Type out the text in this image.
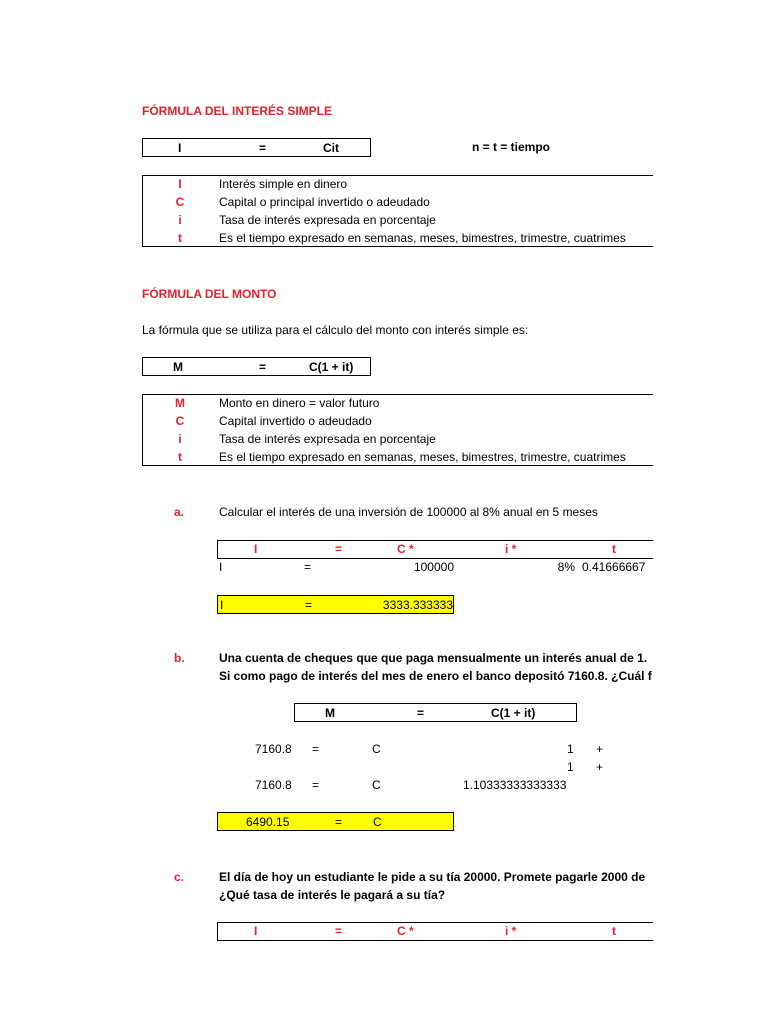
FÓRMULA DEL INTERÉS SIMPLE
I	=	Cit	n = t = tiempo
I	Interés simple en dinero
C	Capital o principal invertido o adeudado
i	Tasa de interés expresada en porcentaje
t	Es el tiempo expresado en semanas, meses, bimestres, trimestre, cuatrimes
FÓRMULA DEL MONTO
La fórmula que se utiliza para el cálculo del monto con interés simple es:
M	=	C(1 + it)
M	Monto en dinero = valor futuro
C	Capital invertido o adeudado
i	Tasa de interés expresada en porcentaje
t	Es el tiempo expresado en semanas, meses, bimestres, trimestre, cuatrimes
a.	Calcular el interés de una inversión de 100000 al 8% anual en 5 meses
I	=	C *	i *	t
I	=	100000	8% 0.41666667
I	=	3333.333333
b.	Una cuenta de cheques que que paga mensualmente un interés anual de 1.
Si como pago de interés del mes de enero el banco depositó 7160.8. ¿Cuál f
M	=	C(1 + it)
7160.8 =	C	1 +
1 +
7160.8 =	C	1.10333333333333
6490.15	=	C
c.	El día de hoy un estudiante le pide a su tía 20000. Promete pagarle 2000 de
¿Qué tasa de interés le pagará a su tía?
I	=	C *	i *	t
